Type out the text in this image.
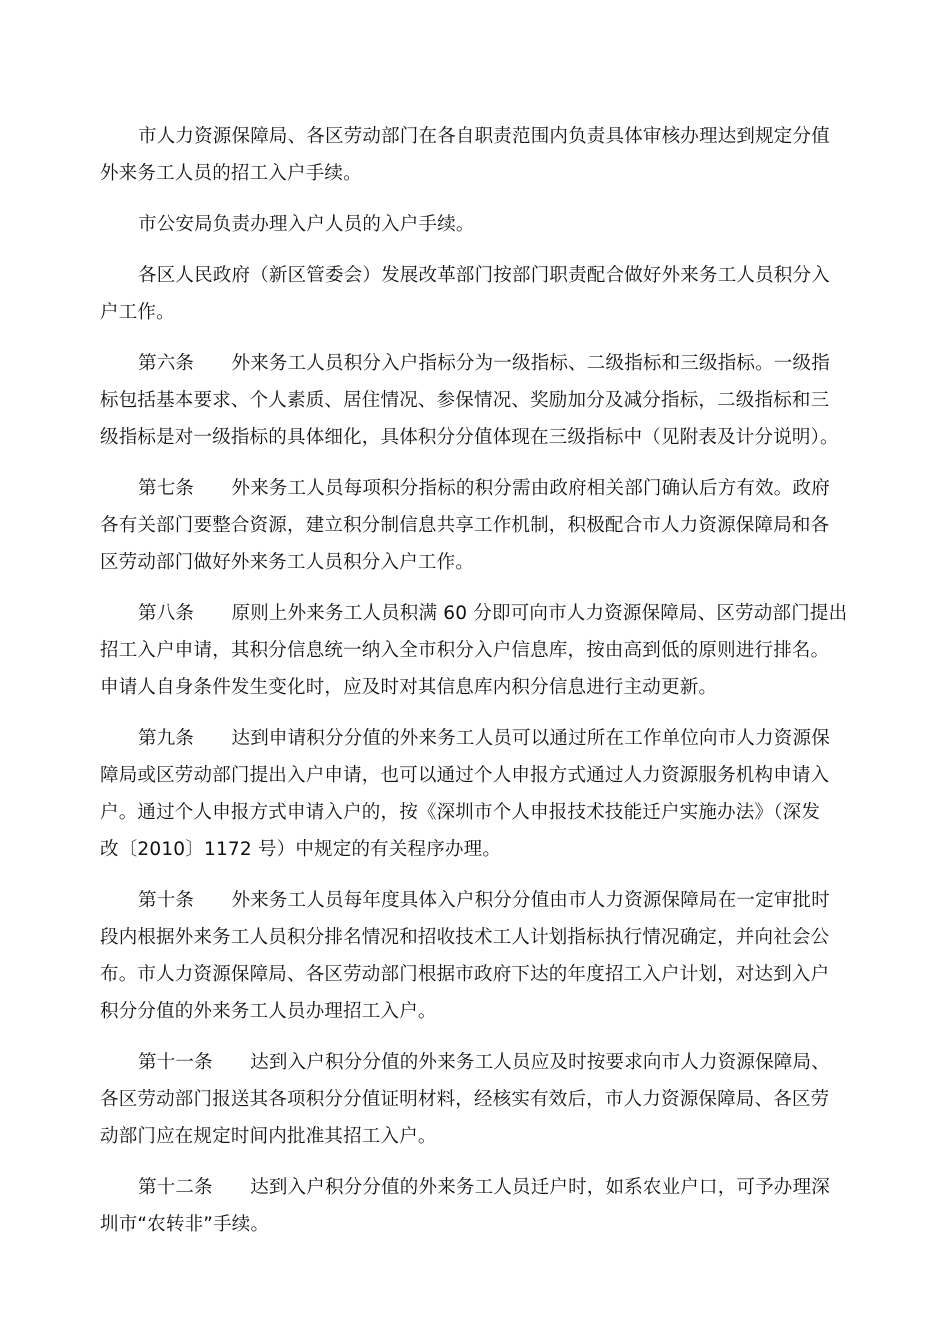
市人力资源保障局、各区劳动部门在各自职责范围内负责具体审核办理达到规定分值
外来务工人员的招工入户手续。

市公安局负责办理入户人员的入户手续。

各区人民政府（新区管委会）发展改革部门按部门职责配合做好外来务工人员积分入
户工作。

第六条　　外来务工人员积分入户指标分为一级指标、二级指标和三级指标。一级指
标包括基本要求、个人素质、居住情况、参保情况、奖励加分及减分指标，二级指标和三
级指标是对一级指标的具体细化，具体积分分值体现在三级指标中（见附表及计分说明）。

第七条　　外来务工人员每项积分指标的积分需由政府相关部门确认后方有效。政府
各有关部门要整合资源，建立积分制信息共享工作机制，积极配合市人力资源保障局和各
区劳动部门做好外来务工人员积分入户工作。

第八条　　原则上外来务工人员积满 60 分即可向市人力资源保障局、区劳动部门提出
招工入户申请，其积分信息统一纳入全市积分入户信息库，按由高到低的原则进行排名。
申请人自身条件发生变化时，应及时对其信息库内积分信息进行主动更新。

第九条　　达到申请积分分值的外来务工人员可以通过所在工作单位向市人力资源保
障局或区劳动部门提出入户申请，也可以通过个人申报方式通过人力资源服务机构申请入
户。通过个人申报方式申请入户的，按《深圳市个人申报技术技能迁户实施办法》（深发
改〔2010〕1172 号）中规定的有关程序办理。

第十条　　外来务工人员每年度具体入户积分分值由市人力资源保障局在一定审批时
段内根据外来务工人员积分排名情况和招收技术工人计划指标执行情况确定，并向社会公
布。市人力资源保障局、各区劳动部门根据市政府下达的年度招工入户计划，对达到入户
积分分值的外来务工人员办理招工入户。

第十一条　　达到入户积分分值的外来务工人员应及时按要求向市人力资源保障局、
各区劳动部门报送其各项积分分值证明材料，经核实有效后，市人力资源保障局、各区劳
动部门应在规定时间内批准其招工入户。

第十二条　　达到入户积分分值的外来务工人员迁户时，如系农业户口，可予办理深
圳市“农转非”手续。
